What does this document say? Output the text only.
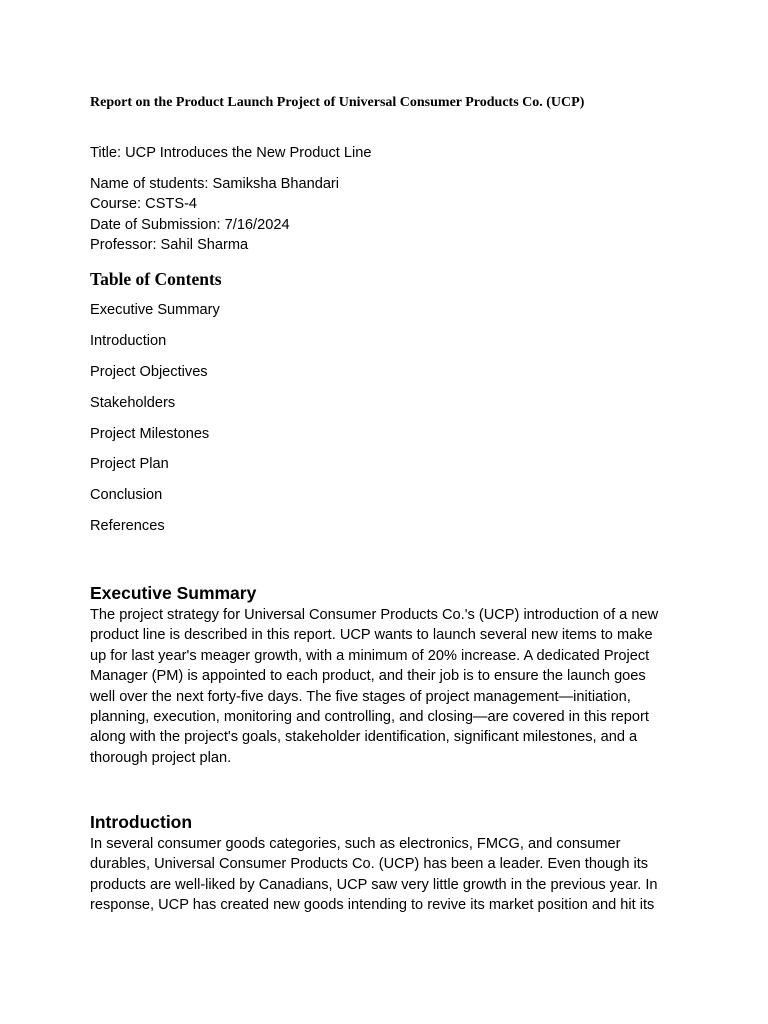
Report on the Product Launch Project of Universal Consumer Products Co. (UCP)
Title: UCP Introduces the New Product Line
Name of students: Samiksha Bhandari
Course: CSTS-4
Date of Submission: 7/16/2024
Professor: Sahil Sharma
Table of Contents
Executive Summary
Introduction
Project Objectives
Stakeholders
Project Milestones
Project Plan
Conclusion
References
Executive Summary

The project strategy for Universal Consumer Products Co.'s (UCP) introduction of a new
product line is described in this report. UCP wants to launch several new items to make
up for last year's meager growth, with a minimum of 20% increase. A dedicated Project
Manager (PM) is appointed to each product, and their job is to ensure the launch goes
well over the next forty-five days. The five stages of project management—initiation,
planning, execution, monitoring and controlling, and closing—are covered in this report
along with the project's goals, stakeholder identification, significant milestones, and a
thorough project plan.

Introduction

In several consumer goods categories, such as electronics, FMCG, and consumer
durables, Universal Consumer Products Co. (UCP) has been a leader. Even though its
products are well-liked by Canadians, UCP saw very little growth in the previous year. In
response, UCP has created new goods intending to revive its market position and hit its
